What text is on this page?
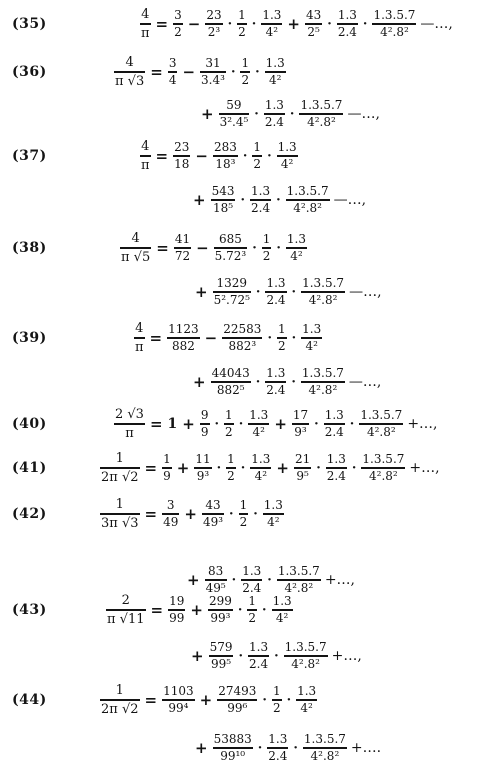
(35)	$\frac{4}{\pi} = \frac{3}{2} - \frac{23}{\text{2³}} \cdot \frac{1}{2} \cdot \frac{1.3}{\text{4²}} + \frac{43}{\text{2⁵}} \cdot \frac{1.3}{2.4} \cdot \frac{1.3.5.7}{\text{4².8²}}$ —…,
(36)	$\frac{4}{\pi √3} = \frac{3}{4} - \frac{31}{\text{3.4³}} \cdot \frac{1}{2} \cdot \frac{1.3}{\text{4²}}$
+ $\frac{59}{\text{3².4⁵}} \cdot \frac{1.3}{2.4} \cdot \frac{1.3.5.7}{\text{4².8²}}$ —…,
(37)	$\frac{4}{\pi} = \frac{23}{18} - \frac{283}{\text{18³}} \cdot \frac{1}{2} \cdot \frac{1.3}{\text{4²}}$
+ $\frac{543}{\text{18⁵}} \cdot \frac{1.3}{2.4} \cdot \frac{1.3.5.7}{\text{4².8²}}$ —…,
(38)	$\frac{4}{\pi √5} = \frac{41}{72} - \frac{685}{\text{5.72³}} \cdot \frac{1}{2} \cdot \frac{1.3}{\text{4²}}$
+ $\frac{1329}{\text{5².72⁵}} \cdot \frac{1.3}{2.4} \cdot \frac{1.3.5.7}{\text{4².8²}}$ —…,
(39)	$\frac{4}{\pi} = \frac{1123}{882} - \frac{22583}{\text{882³}} \cdot \frac{1}{2} \cdot \frac{1.3}{\text{4²}}$
+ $\frac{44043}{\text{882⁵}} \cdot \frac{1.3}{2.4} \cdot \frac{1.3.5.7}{\text{4².8²}}$ —…,
(40)	$\frac{2 √3}{\pi} = 1 + \frac{9}{9} \cdot \frac{1}{2} \cdot \frac{1.3}{\text{4²}} + \frac{17}{\text{9³}} \cdot \frac{1.3}{2.4} \cdot \frac{1.3.5.7}{\text{4².8²}}$ +…,
(41)	$\frac{1}{2\pi √2} = \frac{1}{9} + \frac{11}{\text{9³}} \cdot \frac{1}{2} \cdot \frac{1.3}{\text{4²}} + \frac{21}{\text{9⁵}} \cdot \frac{1.3}{2.4} \cdot \frac{1.3.5.7}{\text{4².8²}}$ +…,
(42)	$\frac{1}{3\pi √3} = \frac{3}{49} + \frac{43}{\text{49³}} \cdot \frac{1}{2} \cdot \frac{1.3}{\text{4²}}$
+ $\frac{83}{\text{49⁵}} \cdot \frac{1.3}{2.4} \cdot \frac{1.3.5.7}{\text{4².8²}}$ +…,
(43)	$\frac{2}{\pi √11} = \frac{19}{99} + \frac{299}{\text{99³}} \cdot \frac{1}{2} \cdot \frac{1.3}{\text{4²}}$
+ $\frac{579}{\text{99⁵}} \cdot \frac{1.3}{2.4} \cdot \frac{1.3.5.7}{\text{4².8²}}$ +…,
(44)	$\frac{1}{2\pi √2} = \frac{1103}{\text{99⁴}} + \frac{27493}{\text{99⁶}} \cdot \frac{1}{2} \cdot \frac{1.3}{\text{4²}}$
+ $\frac{53883}{\text{99¹⁰}} \cdot \frac{1.3}{2.4} \cdot \frac{1.3.5.7}{\text{4².8²}}$ +….
